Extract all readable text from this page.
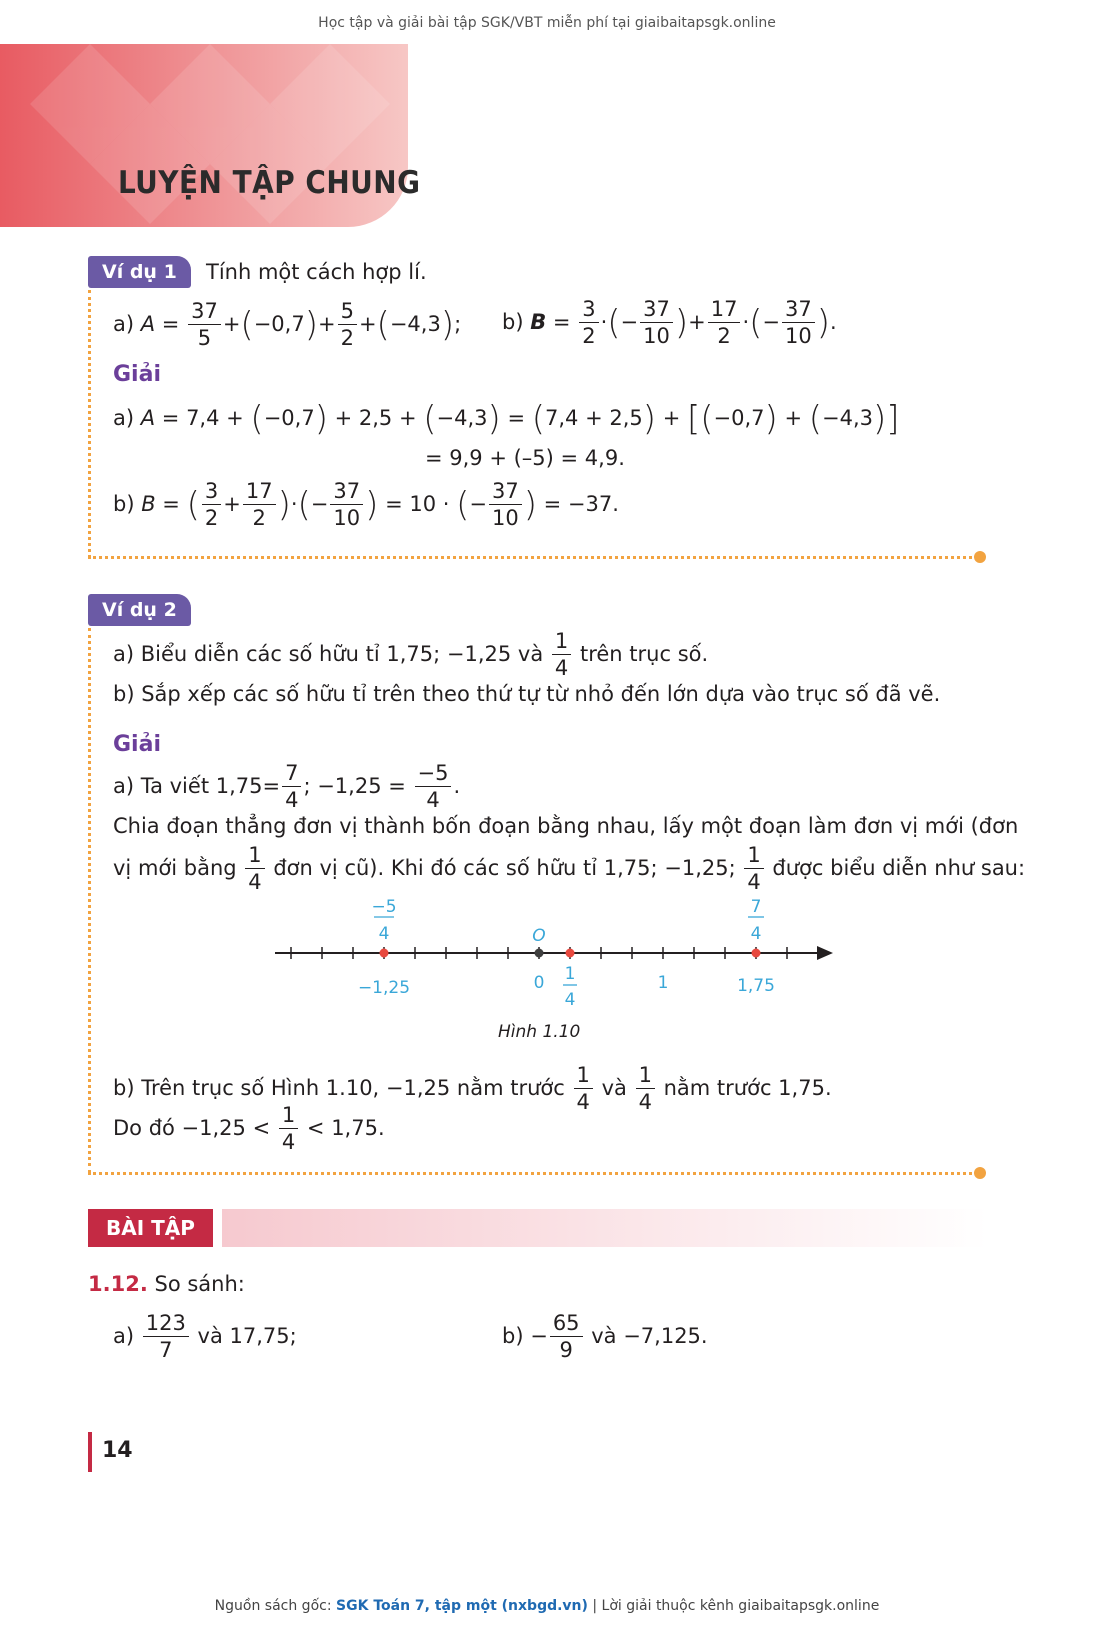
Học tập và giải bài tập SGK/VBT miễn phí tại giaibaitapsgk.online
LUYỆN TẬP CHUNG
Ví dụ 1	Tính một cách hợp lí.
a) $A = \frac{37}{5} +(-0,7)+ \frac{5}{2} +(-4,3)$; b) $B = \frac{3}{2}$ ·(− $\frac{37}{10}$ )+ $\frac{17}{2}$ ·(− $\frac{37}{10}$ ).
Giải
a) A = 7,4 + (−0,7) + 2,5 + (−4,3) = (7,4 + 2,5) + [(−0,7) + (−4,3)]
= 9,9 + (–5) = 4,9.
b) B = ( $\frac{3}{2} + \frac{17}{2}$ )·(− $\frac{37}{10}$ ) = 10 · (− $\frac{37}{10}$ ) = −37.
Ví dụ 2
a) Biểu diễn các số hữu tỉ 1,75; −1,25 và $\frac{1}{4}$ trên trục số.
b) Sắp xếp các số hữu tỉ trên theo thứ tự từ nhỏ đến lớn dựa vào trục số đã vẽ.
Giải
a) Ta viết $1,75= \frac{7}{4}$ ; $-1,25 = \frac{-5}{4}$ .
Chia đoạn thẳng đơn vị thành bốn đoạn bằng nhau, lấy một đoạn làm đơn vị mới (đơn
vị mới bằng $\frac{1}{4}$ đơn vị cũ). Khi đó các số hữu tỉ 1,75; −1,25; $\frac{1}{4}$ được biểu diễn như sau:
−5
4
7
4
O
−1,25	0 1
4
1	1,75
Hình 1.10
b) Trên trục số Hình 1.10, −1,25 nằm trước $\frac{1}{4}$ và $\frac{1}{4}$ nằm trước 1,75.
Do đó $-1,25 < \frac{1}{4} < 1,75$.
BÀI TẬP
1.12. So sánh:
$a) \frac{123}{7}$ và 17,75;	$b) - \frac{65}{9}$ và −7,125.
14
Nguồn sách gốc: SGK Toán 7, tập một (nxbgd.vn) | Lời giải thuộc kênh giaibaitapsgk.online
